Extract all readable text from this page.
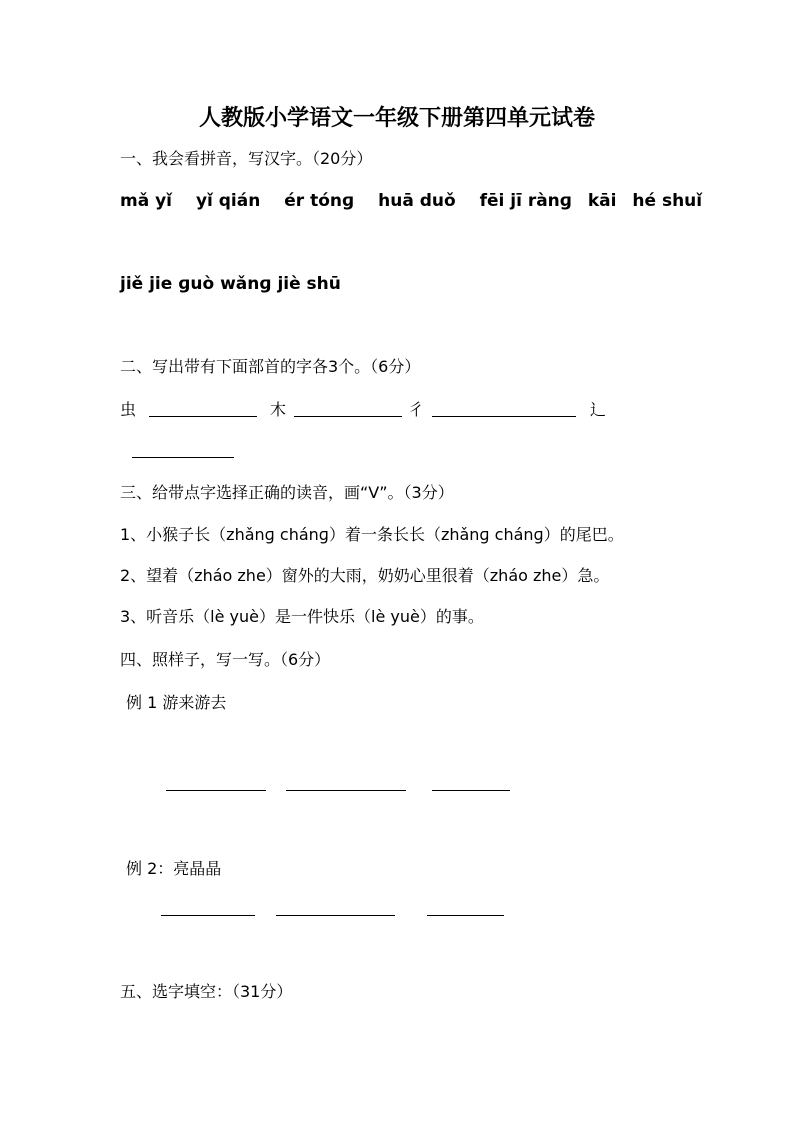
人教版小学语文一年级下册第四单元试卷
一、我会看拼音，写汉字。（20分）
mǎ yǐ yǐ qián ér tónɡ huā duǒ fēi jī rànɡ kāi hé shuǐ
jiě jie ɡuò wǎnɡ jiè shū
二、写出带有下面部首的字各3个。（6分）
虫	木	彳	辶
三、给带点字选择正确的读音，画“V”。（3分）
1、小猴子长（zhǎnɡ chánɡ）着一条长长（zhǎnɡ chánɡ）的尾巴。
2、望着（zháo zhe）窗外的大雨，奶奶心里很着（zháo zhe）急。
3、听音乐（lè yuè）是一件快乐（lè yuè）的事。
四、照样子，写一写。（6分）
例 1 游来游去
例 2：亮晶晶
五、选字填空：（31分）
